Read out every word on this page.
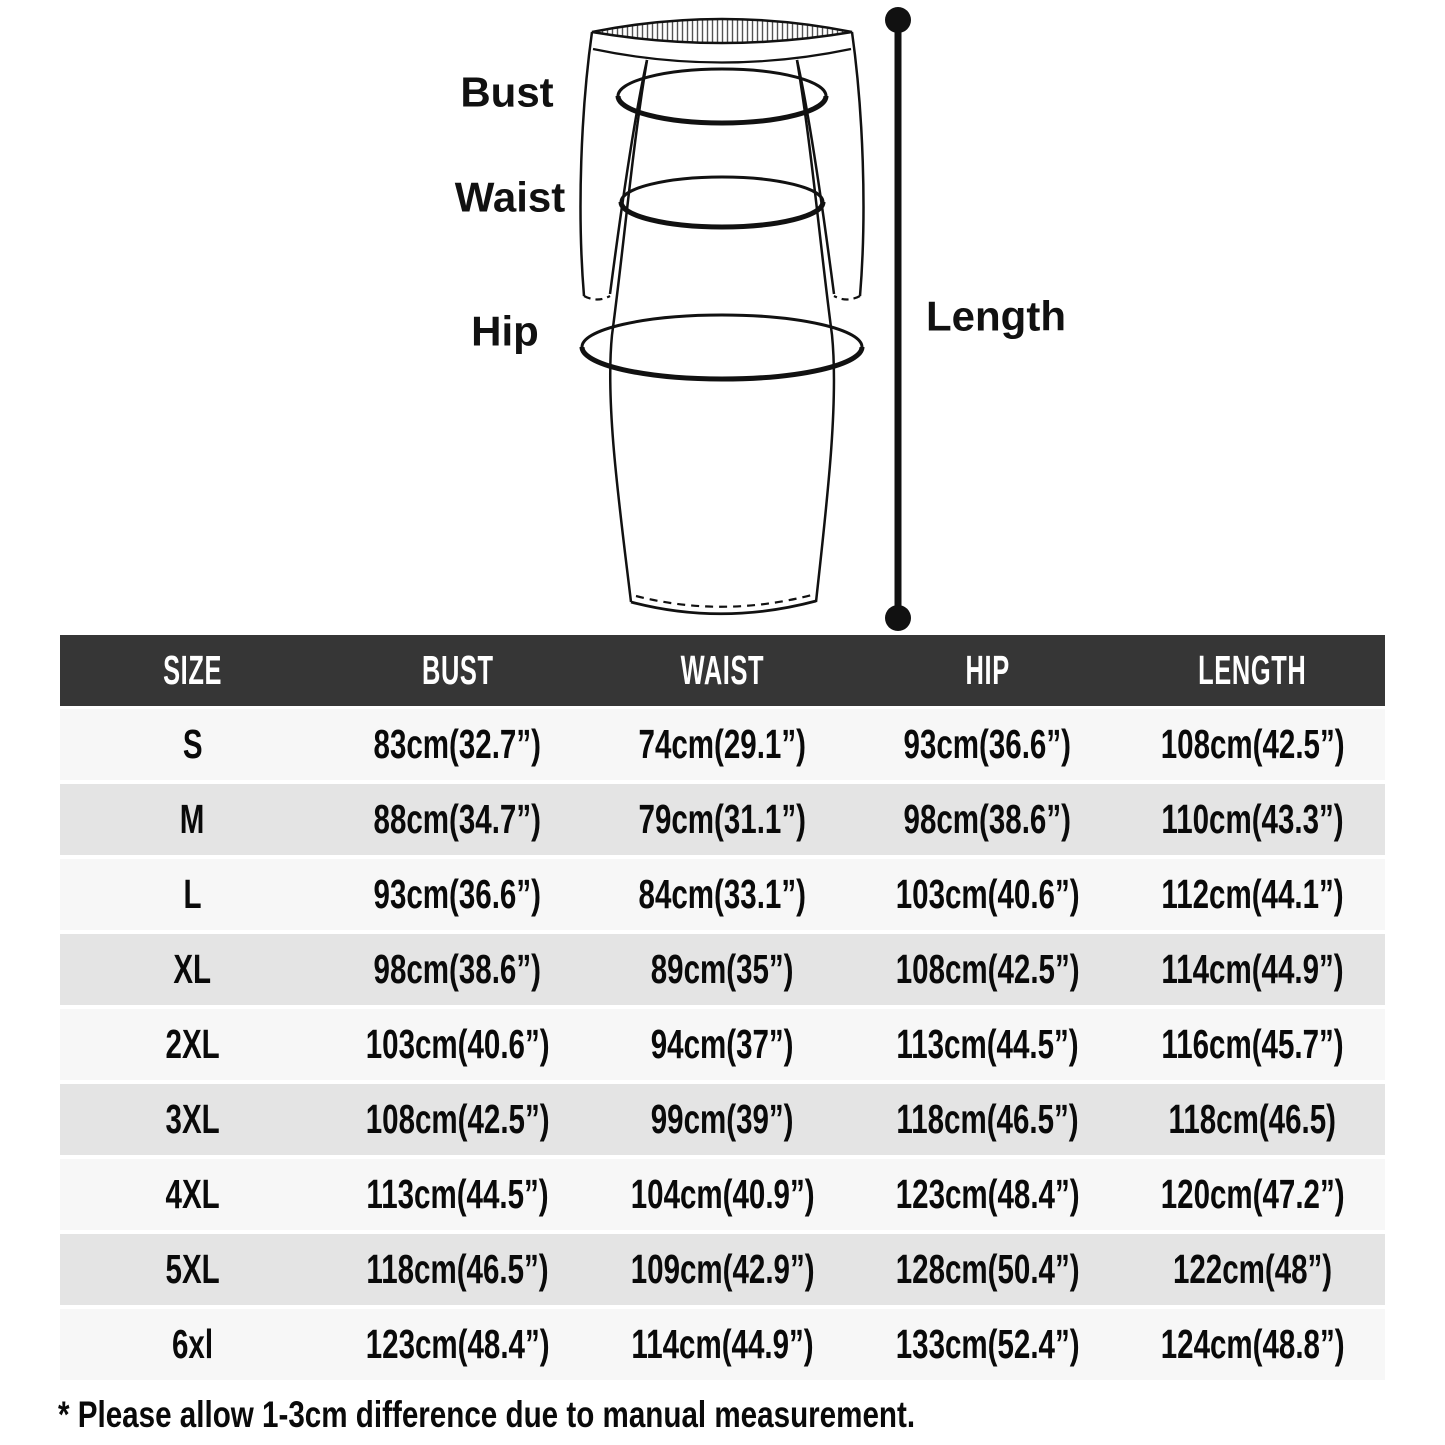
Bust
Waist
Hip	Length
SIZE	BUST	WAIST	HIP	LENGTH
S	83cm(32.7”) 74cm(29.1”) 93cm(36.6”) 108cm(42.5”)
M	88cm(34.7”) 79cm(31.1”) 98cm(38.6”) 110cm(43.3”)
L	93cm(36.6”) 84cm(33.1”) 103cm(40.6”) 112cm(44.1”)
XL	98cm(38.6”)	89cm(35”) 108cm(42.5”) 114cm(44.9”)
2XL	103cm(40.6”) 94cm(37”)	113cm(44.5”) 116cm(45.7”)
3XL	108cm(42.5”) 99cm(39”)	118cm(46.5”) 118cm(46.5)
4XL	113cm(44.5”) 104cm(40.9”) 123cm(48.4”) 120cm(47.2”)
5XL	118cm(46.5”) 109cm(42.9”) 128cm(50.4”) 122cm(48”)
6xl	123cm(48.4”) 114cm(44.9”) 133cm(52.4”) 124cm(48.8”)
* Please allow 1-3cm difference due to manual measurement.
